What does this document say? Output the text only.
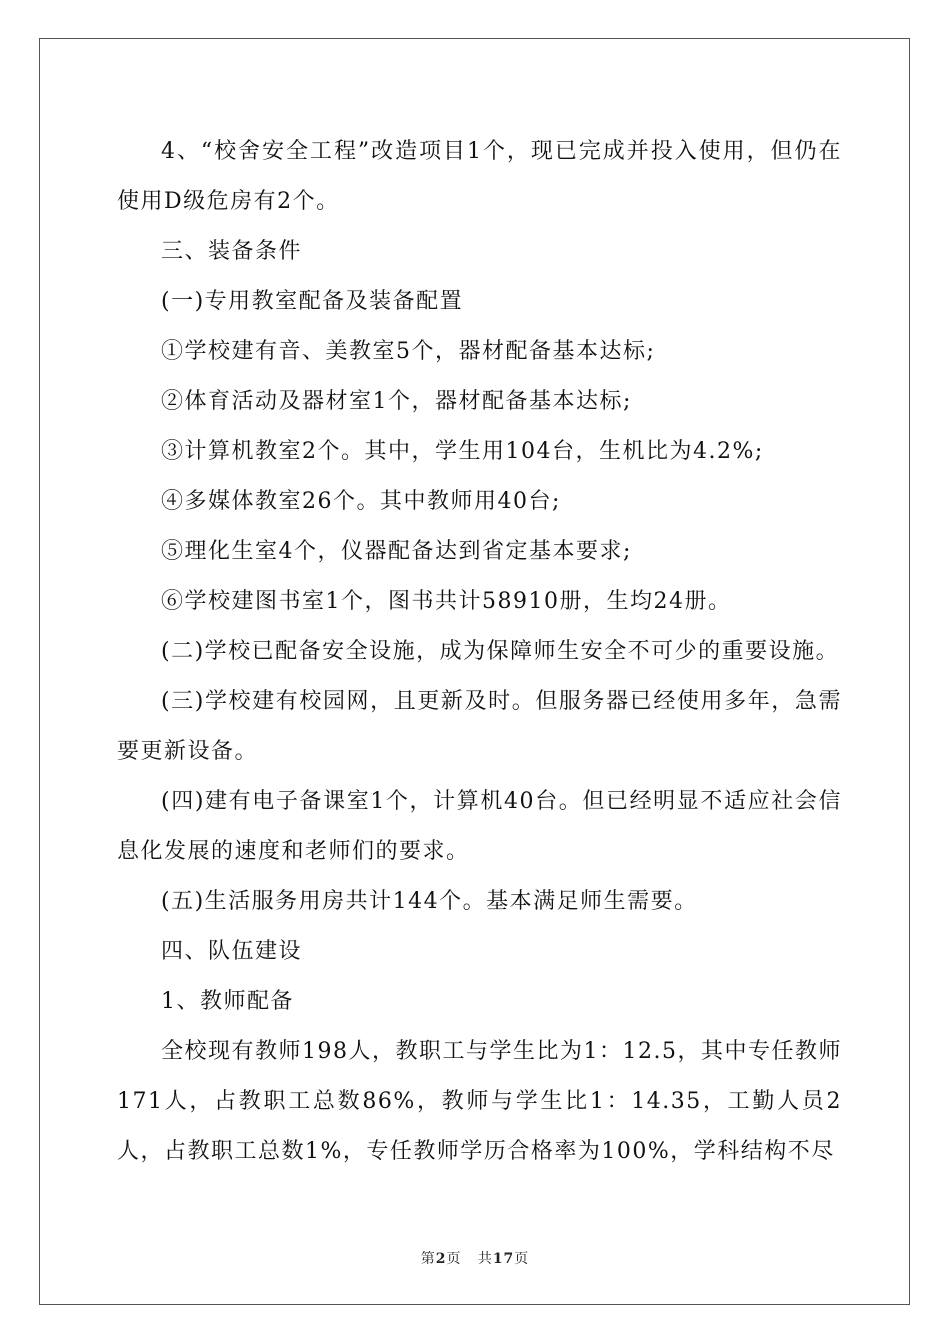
4、“校舍安全工程”改造项目1个，现已完成并投入使用，但仍在使用D级危房有2个。

三、装备条件

(一)专用教室配备及装备配置

①学校建有音、美教室5个，器材配备基本达标;

②体育活动及器材室1个，器材配备基本达标;

③计算机教室2个。其中，学生用104台，生机比为4.2%;

④多媒体教室26个。其中教师用40台;

⑤理化生室4个，仪器配备达到省定基本要求;

⑥学校建图书室1个，图书共计58910册，生均24册。

(二)学校已配备安全设施，成为保障师生安全不可少的重要设施。

(三)学校建有校园网，且更新及时。但服务器已经使用多年，急需要更新设备。

(四)建有电子备课室1个，计算机40台。但已经明显不适应社会信息化发展的速度和老师们的要求。

(五)生活服务用房共计144个。基本满足师生需要。

四、队伍建设

1、教师配备

全校现有教师198人，教职工与学生比为1：12.5，其中专任教师171人，占教职工总数86%，教师与学生比1：14.35，工勤人员2人，占教职工总数1%，专任教师学历合格率为100%，学科结构不尽

第2页 共17页
